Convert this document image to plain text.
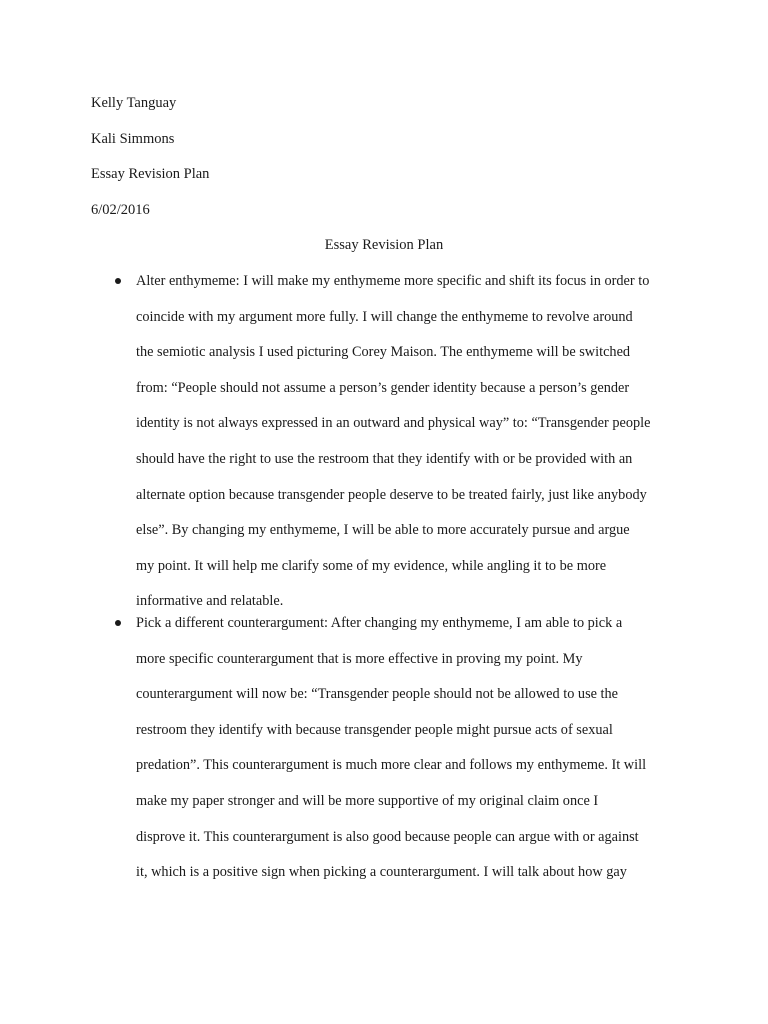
Kelly Tanguay
Kali Simmons
Essay Revision Plan
6/02/2016
Essay Revision Plan
Alter enthymeme: I will make my enthymeme more specific and shift its focus in order to
coincide with my argument more fully. I will change the enthymeme to revolve around
the semiotic analysis I used picturing Corey Maison. The enthymeme will be switched
from: “People should not assume a person’s gender identity because a person’s gender
identity is not always expressed in an outward and physical way” to: “Transgender people
should have the right to use the restroom that they identify with or be provided with an
alternate option because transgender people deserve to be treated fairly, just like anybody
else”. By changing my enthymeme, I will be able to more accurately pursue and argue
my point. It will help me clarify some of my evidence, while angling it to be more
informative and relatable.
Pick a different counterargument: After changing my enthymeme, I am able to pick a
more specific counterargument that is more effective in proving my point. My
counterargument will now be: “Transgender people should not be allowed to use the
restroom they identify with because transgender people might pursue acts of sexual
predation”. This counterargument is much more clear and follows my enthymeme. It will
make my paper stronger and will be more supportive of my original claim once I
disprove it. This counterargument is also good because people can argue with or against
it, which is a positive sign when picking a counterargument. I will talk about how gay
